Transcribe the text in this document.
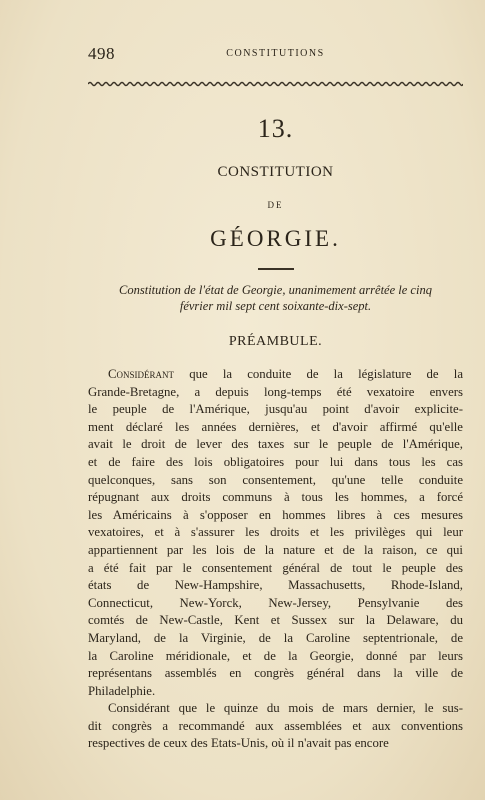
498	CONSTITUTIONS
13.
CONSTITUTION
DE
GÉORGIE.
Constitution de l'état de Georgie, unanimement arrêtée le cinq
février mil sept cent soixante-dix-sept.
PRÉAMBULE.
Considérant que la conduite de la législature de la
Grande-Bretagne, a depuis long-temps été vexatoire envers
le peuple de l'Amérique, jusqu'au point d'avoir explicite-
ment déclaré les années dernières, et d'avoir affirmé qu'elle
avait le droit de lever des taxes sur le peuple de l'Amérique,
et de faire des lois obligatoires pour lui dans tous les cas
quelconques, sans son consentement, qu'une telle conduite
répugnant aux droits communs à tous les hommes, a forcé
les Américains à s'opposer en hommes libres à ces mesures
vexatoires, et à s'assurer les droits et les privilèges qui leur
appartiennent par les lois de la nature et de la raison, ce qui
a été fait par le consentement général de tout le peuple des
états de New-Hampshire, Massachusetts, Rhode-Island,
Connecticut, New-Yorck, New-Jersey, Pensylvanie des
comtés de New-Castle, Kent et Sussex sur la Delaware, du
Maryland, de la Virginie, de la Caroline septentrionale, de
la Caroline méridionale, et de la Georgie, donné par leurs
représentans assemblés en congrès général dans la ville de
Philadelphie.
Considérant que le quinze du mois de mars dernier, le sus-
dit congrès a recommandé aux assemblées et aux conventions
respectives de ceux des Etats-Unis, où il n'avait pas encore
